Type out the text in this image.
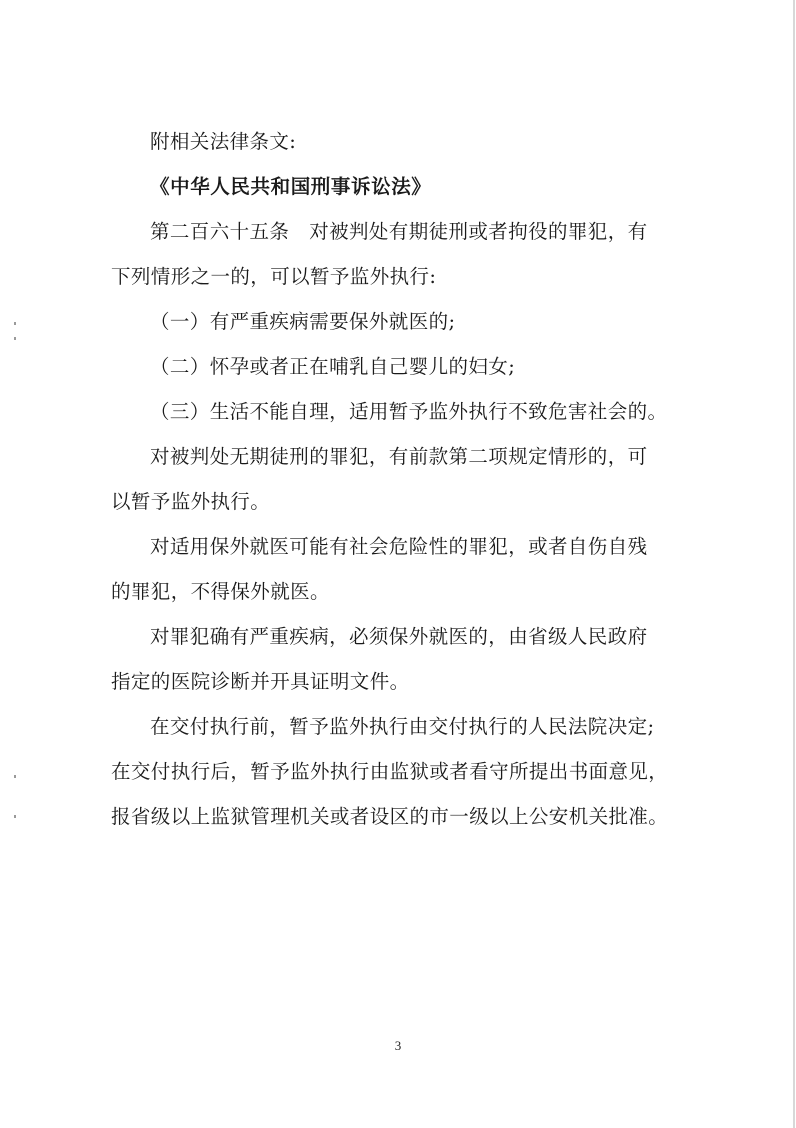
附相关法律条文:
《中华人民共和国刑事诉讼法》
第二百六十五条　对被判处有期徒刑或者拘役的罪犯，有
下列情形之一的，可以暂予监外执行:
（一）有严重疾病需要保外就医的;
（二）怀孕或者正在哺乳自己婴儿的妇女;
（三）生活不能自理，适用暂予监外执行不致危害社会的。
对被判处无期徒刑的罪犯，有前款第二项规定情形的，可
以暂予监外执行。
对适用保外就医可能有社会危险性的罪犯，或者自伤自残
的罪犯，不得保外就医。
对罪犯确有严重疾病，必须保外就医的，由省级人民政府
指定的医院诊断并开具证明文件。
在交付执行前，暂予监外执行由交付执行的人民法院决定;
在交付执行后，暂予监外执行由监狱或者看守所提出书面意见，
报省级以上监狱管理机关或者设区的市一级以上公安机关批准。
3
